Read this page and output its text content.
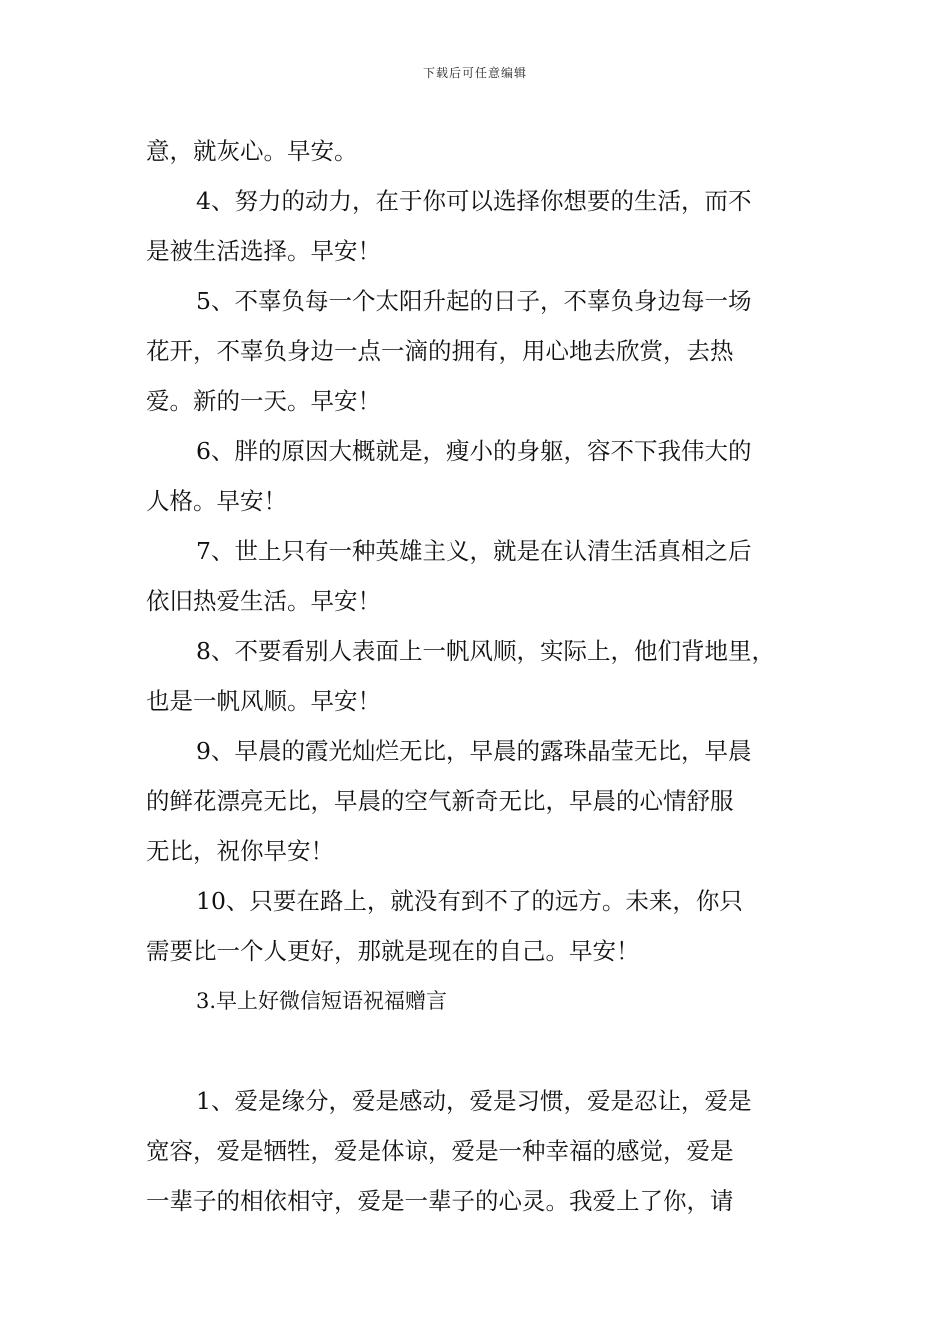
下载后可任意编辑
意，就灰心。早安。
4、努力的动力，在于你可以选择你想要的生活，而不
是被生活选择。早安！
5、不辜负每一个太阳升起的日子，不辜负身边每一场
花开，不辜负身边一点一滴的拥有，用心地去欣赏，去热
爱。新的一天。早安！
6、胖的原因大概就是，瘦小的身躯，容不下我伟大的
人格。早安！
7、世上只有一种英雄主义，就是在认清生活真相之后
依旧热爱生活。早安！
8、不要看别人表面上一帆风顺，实际上，他们背地里，
也是一帆风顺。早安！
9、早晨的霞光灿烂无比，早晨的露珠晶莹无比，早晨
的鲜花漂亮无比，早晨的空气新奇无比，早晨的心情舒服
无比，祝你早安！
10、只要在路上，就没有到不了的远方。未来，你只
需要比一个人更好，那就是现在的自己。早安！
3.早上好微信短语祝福赠言
1、爱是缘分，爱是感动，爱是习惯，爱是忍让，爱是
宽容，爱是牺牲，爱是体谅，爱是一种幸福的感觉，爱是
一辈子的相依相守，爱是一辈子的心灵。我爱上了你，请
